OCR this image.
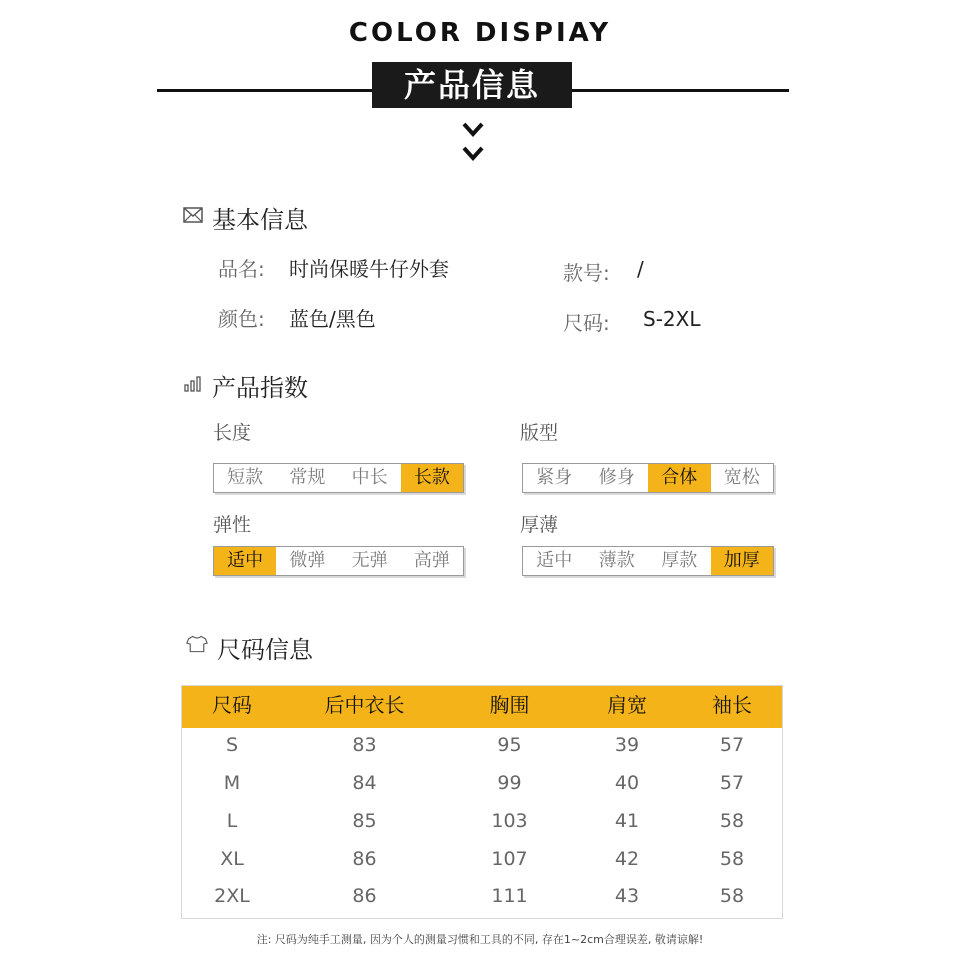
COLOR DISPIAY
产品信息
基本信息
品名: 时尚保暖牛仔外套	款号: /
颜色: 蓝色/黑色	尺码: S-2XL
产品指数
长度
短款	常规	中长	长款
版型
紧身	修身	合体	宽松
弹性
适中	微弹	无弹	高弹
厚薄
适中	薄款	厚款	加厚
尺码信息
尺码	后中衣长	胸围	肩宽	袖长
S	83	95	39	57
M	84	99	40	57
L	85	103	41	58
XL	86	107	42	58
2XL	86	111	43	58
注: 尺码为纯手工测量, 因为个人的测量习惯和工具的不同, 存在1~2cm合理误差, 敬请谅解!
